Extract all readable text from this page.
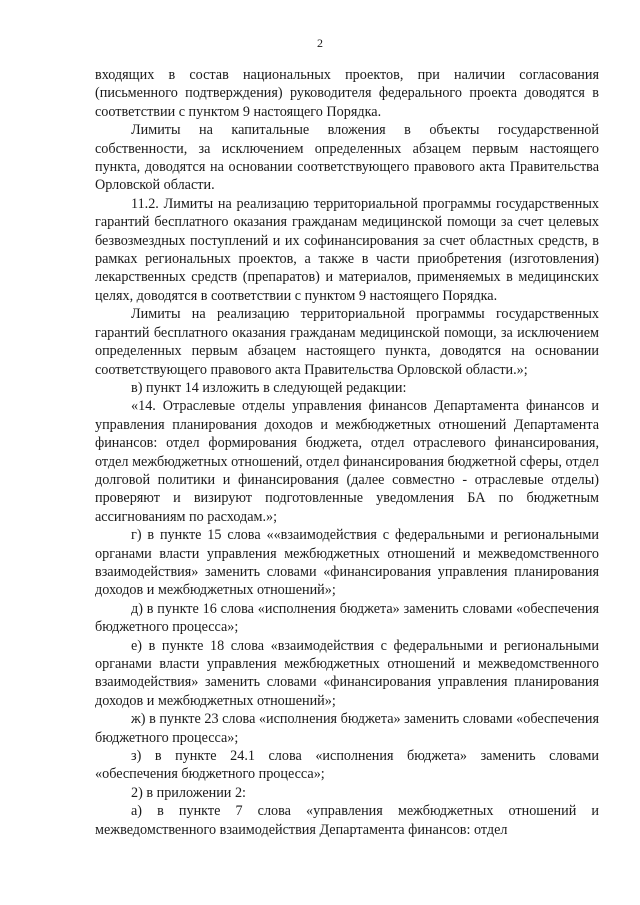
2

входящих в состав национальных проектов, при наличии согласования (письменного подтверждения) руководителя федерального проекта доводятся в соответствии с пунктом 9 настоящего Порядка.

Лимиты на капитальные вложения в объекты государственной собственности, за исключением определенных абзацем первым настоящего пункта, доводятся на основании соответствующего правового акта Правительства Орловской области.

11.2. Лимиты на реализацию территориальной программы государственных гарантий бесплатного оказания гражданам медицинской помощи за счет целевых безвозмездных поступлений и их софинансирования за счет областных средств, в рамках региональных проектов, а также в части приобретения (изготовления) лекарственных средств (препаратов) и материалов, применяемых в медицинских целях, доводятся в соответствии с пунктом 9 настоящего Порядка.

Лимиты на реализацию территориальной программы государственных гарантий бесплатного оказания гражданам медицинской помощи, за исключением определенных первым абзацем настоящего пункта, доводятся на основании соответствующего правового акта Правительства Орловской области.»;

в) пункт 14 изложить в следующей редакции:

«14. Отраслевые отделы управления финансов Департамента финансов и управления планирования доходов и межбюджетных отношений Департамента финансов: отдел формирования бюджета, отдел отраслевого финансирования, отдел межбюджетных отношений, отдел финансирования бюджетной сферы, отдел долговой политики и финансирования (далее совместно - отраслевые отделы) проверяют и визируют подготовленные уведомления БА по бюджетным ассигнованиям по расходам.»;

г) в пункте 15 слова ««взаимодействия с федеральными и региональными органами власти управления межбюджетных отношений и межведомственного взаимодействия» заменить словами «финансирования управления планирования доходов и межбюджетных отношений»;

д) в пункте 16 слова «исполнения бюджета» заменить словами «обеспечения бюджетного процесса»;

е) в пункте 18 слова «взаимодействия с федеральными и региональными органами власти управления межбюджетных отношений и межведомственного взаимодействия» заменить словами «финансирования управления планирования доходов и межбюджетных отношений»;

ж) в пункте 23 слова «исполнения бюджета» заменить словами «обеспечения бюджетного процесса»;

з) в пункте 24.1 слова «исполнения бюджета» заменить словами «обеспечения бюджетного процесса»;

2) в приложении 2:

а) в пункте 7 слова «управления межбюджетных отношений и межведомственного взаимодействия Департамента финансов: отдел
